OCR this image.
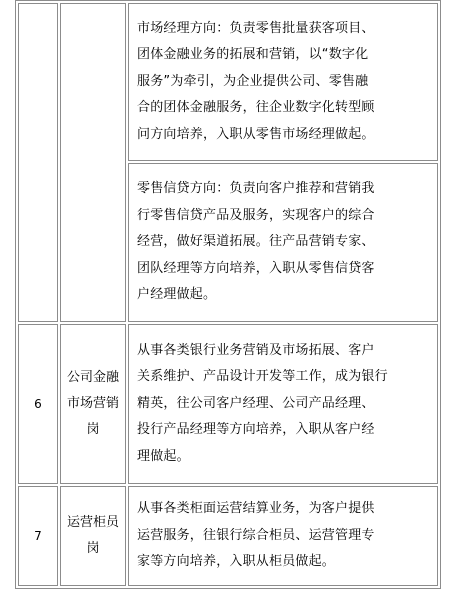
		市场经理方向：负责零售批量获客项目、
团体金融业务的拓展和营销，以“数字化
服务”为牵引，为企业提供公司、零售融
合的团体金融服务，往企业数字化转型顾
问方向培养，入职从零售市场经理做起。

		零售信贷方向：负责向客户推荐和营销我
行零售信贷产品及服务，实现客户的综合
经营，做好渠道拓展。往产品营销专家、
团队经理等方向培养，入职从零售信贷客
户经理做起。

6	公司金融
市场营销
岗	从事各类银行业务营销及市场拓展、客户
关系维护、产品设计开发等工作，成为银行
精英，往公司客户经理、公司产品经理、
投行产品经理等方向培养，入职从客户经
理做起。

7	运营柜员
岗	从事各类柜面运营结算业务，为客户提供
运营服务，往银行综合柜员、运营管理专
家等方向培养，入职从柜员做起。
